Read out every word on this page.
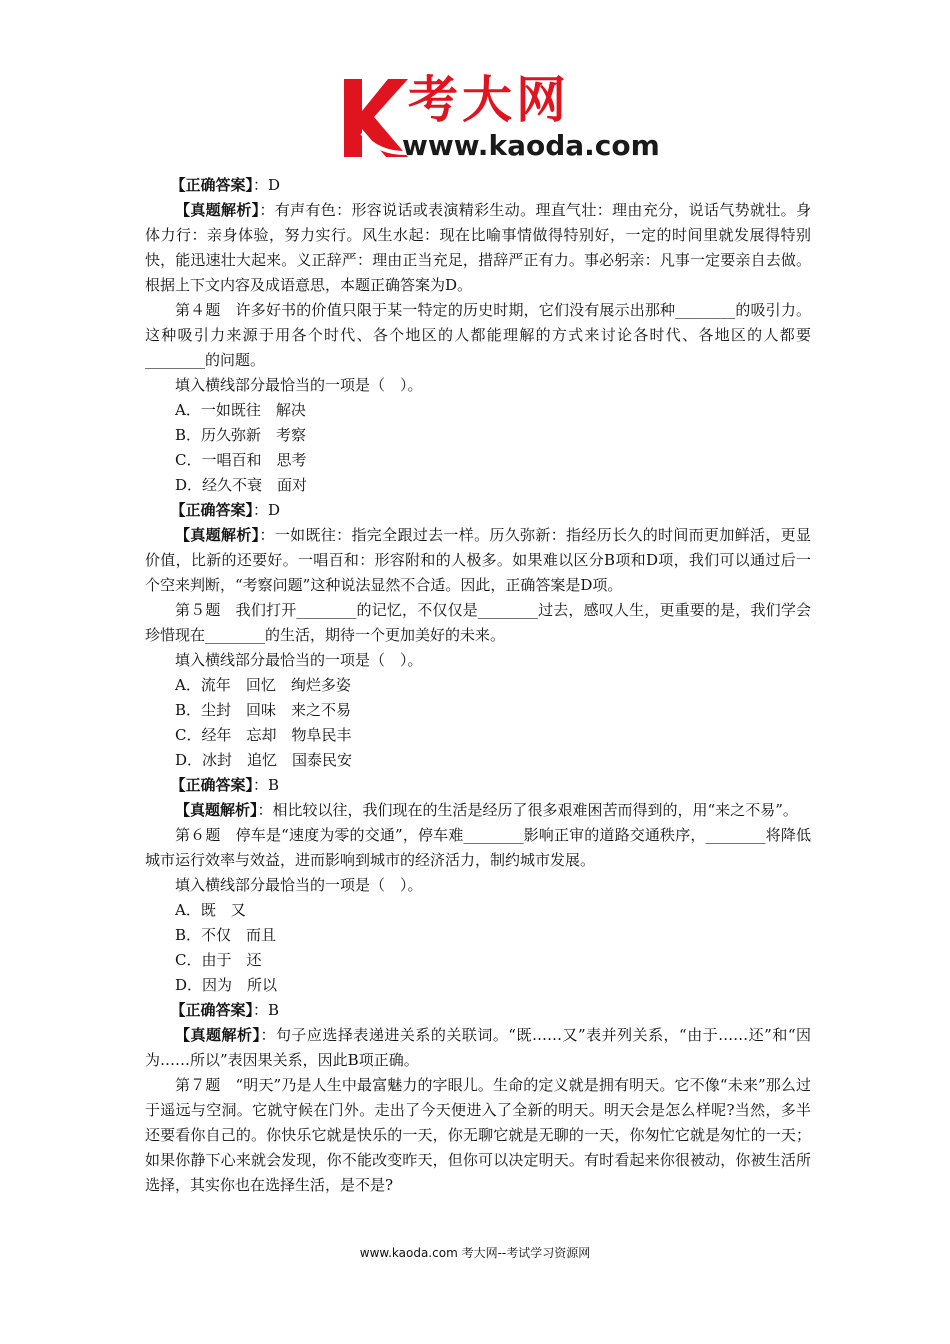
考大网
www.kaoda.com

【正确答案】：D

【真题解析】：有声有色：形容说话或表演精彩生动。理直气壮：理由充分，说话气势就壮。身体力行：亲身体验，努力实行。风生水起：现在比喻事情做得特别好，一定的时间里就发展得特别快，能迅速壮大起来。义正辞严：理由正当充足，措辞严正有力。事必躬亲：凡事一定要亲自去做。根据上下文内容及成语意思，本题正确答案为D。

第４题　许多好书的价值只限于某一特定的历史时期，它们没有展示出那种________的吸引力。这种吸引力来源于用各个时代、各个地区的人都能理解的方式来讨论各时代、各地区的人都要________的问题。

填入横线部分最恰当的一项是（　）。

A．一如既往　解决

B．历久弥新　考察

C．一唱百和　思考

D．经久不衰　面对

【正确答案】：D

【真题解析】：一如既往：指完全跟过去一样。历久弥新：指经历长久的时间而更加鲜活，更显价值，比新的还要好。一唱百和：形容附和的人极多。如果难以区分B项和D项，我们可以通过后一个空来判断，“考察问题”这种说法显然不合适。因此，正确答案是D项。

第５题　我们打开________的记忆，不仅仅是________过去，感叹人生，更重要的是，我们学会珍惜现在________的生活，期待一个更加美好的未来。

填入横线部分最恰当的一项是（　）。

A．流年　回忆　绚烂多姿

B．尘封　回味　来之不易

C．经年　忘却　物阜民丰

D．冰封　追忆　国泰民安

【正确答案】：B

【真题解析】：相比较以往，我们现在的生活是经历了很多艰难困苦而得到的，用“来之不易”。

第６题　停车是“速度为零的交通”，停车难________影响正审的道路交通秩序，________将降低城市运行效率与效益，进而影响到城市的经济活力，制约城市发展。

填入横线部分最恰当的一项是（　）。

A．既　又

B．不仅　而且

C．由于　还

D．因为　所以

【正确答案】：B

【真题解析】：句子应选择表递进关系的关联词。“既……又”表并列关系，“由于……还”和“因为……所以”表因果关系，因此B项正确。

第７题　“明天”乃是人生中最富魅力的字眼儿。生命的定义就是拥有明天。它不像“未来”那么过于遥远与空洞。它就守候在门外。走出了今天便进入了全新的明天。明天会是怎么样呢?当然，多半还要看你自己的。你快乐它就是快乐的一天，你无聊它就是无聊的一天，你匆忙它就是匆忙的一天；如果你静下心来就会发现，你不能改变昨天，但你可以决定明天。有时看起来你很被动，你被生活所选择，其实你也在选择生活，是不是?

www.kaoda.com 考大网--考试学习资源网
